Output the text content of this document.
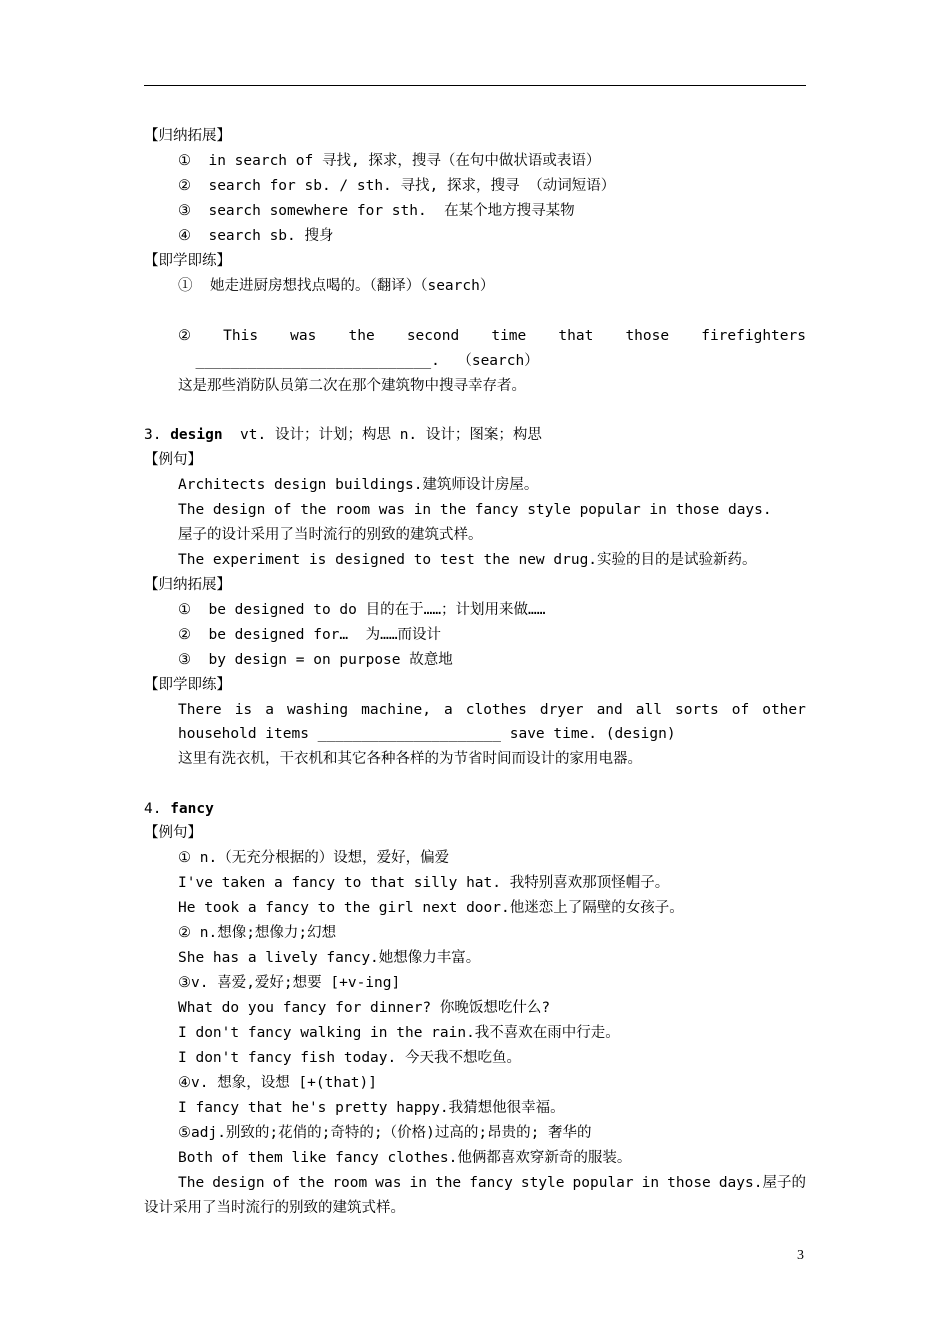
【归纳拓展】
①  in search of 寻找, 探求，搜寻（在句中做状语或表语）
②  search for sb. / sth. 寻找, 探求，搜寻 （动词短语）
③  search somewhere for sth.  在某个地方搜寻某物
④  search sb. 搜身
【即学即练】
①  她走进厨房想找点喝的。（翻译）（search）
② This was the second time that those firefighters
___________________________.  （search）
这是那些消防队员第二次在那个建筑物中搜寻幸存者。
3. design  vt. 设计；计划；构思 n. 设计；图案；构思
【例句】
Architects design buildings.建筑师设计房屋。
The design of the room was in the fancy style popular in those days.
屋子的设计采用了当时流行的别致的建筑式样。
The experiment is designed to test the new drug.实验的目的是试验新药。
【归纳拓展】
①  be designed to do 目的在于……；计划用来做……
②  be designed for…  为……而设计
③  by design = on purpose 故意地
【即学即练】
There is a washing machine, a clothes dryer and all sorts of other
household items _____________________ save time. (design)
这里有洗衣机，干衣机和其它各种各样的为节省时间而设计的家用电器。
4. fancy
【例句】
① n.（无充分根据的）设想，爱好，偏爱
I've taken a fancy to that silly hat. 我特别喜欢那顶怪帽子。
He took a fancy to the girl next door.他迷恋上了隔壁的女孩子。
② n.想像;想像力;幻想
She has a lively fancy.她想像力丰富。
③v. 喜爱,爱好;想要 [+v-ing]
What do you fancy for dinner? 你晚饭想吃什么?
I don't fancy walking in the rain.我不喜欢在雨中行走。
I don't fancy fish today. 今天我不想吃鱼。
④v. 想象，设想 [+(that)]
I fancy that he's pretty happy.我猜想他很幸福。
⑤adj.别致的;花俏的;奇特的;（价格)过高的;昂贵的; 奢华的
Both of them like fancy clothes.他俩都喜欢穿新奇的服装。
The design of the room was in the fancy style popular in those days.屋子的
设计采用了当时流行的别致的建筑式样。
3
